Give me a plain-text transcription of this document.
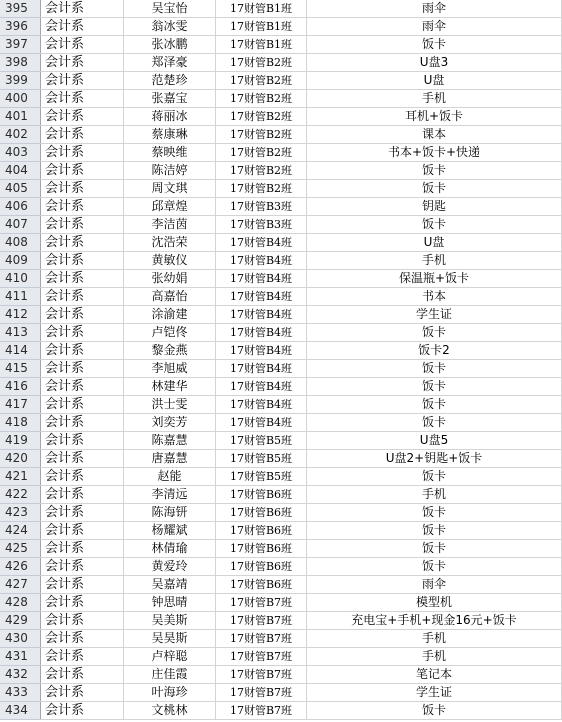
395	会计系	吴宝怡	17财管B1班	雨伞
396	会计系	翁冰雯	17财管B1班	雨伞
397	会计系	张冰鹏	17财管B1班	饭卡
398	会计系	郑泽豪	17财管B2班	U盘3
399	会计系	范楚珍	17财管B2班	U盘
400	会计系	张嘉宝	17财管B2班	手机
401	会计系	蒋丽冰	17财管B2班	耳机+饭卡
402	会计系	蔡康琳	17财管B2班	课本
403	会计系	蔡映维	17财管B2班	书本+饭卡+快递
404	会计系	陈洁婷	17财管B2班	饭卡
405	会计系	周文琪	17财管B2班	饭卡
406	会计系	邱章煌	17财管B3班	钥匙
407	会计系	李洁茵	17财管B3班	饭卡
408	会计系	沈浩荣	17财管B4班	U盘
409	会计系	黄敏仪	17财管B4班	手机
410	会计系	张幼娟	17财管B4班	保温瓶+饭卡
411	会计系	高嘉怡	17财管B4班	书本
412	会计系	涂渝建	17财管B4班	学生证
413	会计系	卢铠佟	17财管B4班	饭卡
414	会计系	黎金燕	17财管B4班	饭卡2
415	会计系	李旭威	17财管B4班	饭卡
416	会计系	林建华	17财管B4班	饭卡
417	会计系	洪士雯	17财管B4班	饭卡
418	会计系	刘奕芳	17财管B4班	饭卡
419	会计系	陈嘉慧	17财管B5班	U盘5
420	会计系	唐嘉慧	17财管B5班	U盘2+钥匙+饭卡
421	会计系	赵能	17财管B5班	饭卡
422	会计系	李清远	17财管B6班	手机
423	会计系	陈海钘	17财管B6班	饭卡
424	会计系	杨耀斌	17财管B6班	饭卡
425	会计系	林倩瑜	17财管B6班	饭卡
426	会计系	黄爱玲	17财管B6班	饭卡
427	会计系	吴嘉靖	17财管B6班	雨伞
428	会计系	钟思晴	17财管B7班	模型机
429	会计系	吴美斯	17财管B7班	充电宝+手机+现金16元+饭卡
430	会计系	吴昊斯	17财管B7班	手机
431	会计系	卢梓聪	17财管B7班	手机
432	会计系	庄佳霞	17财管B7班	笔记本
433	会计系	叶海珍	17财管B7班	学生证
434	会计系	文桃林	17财管B7班	饭卡
